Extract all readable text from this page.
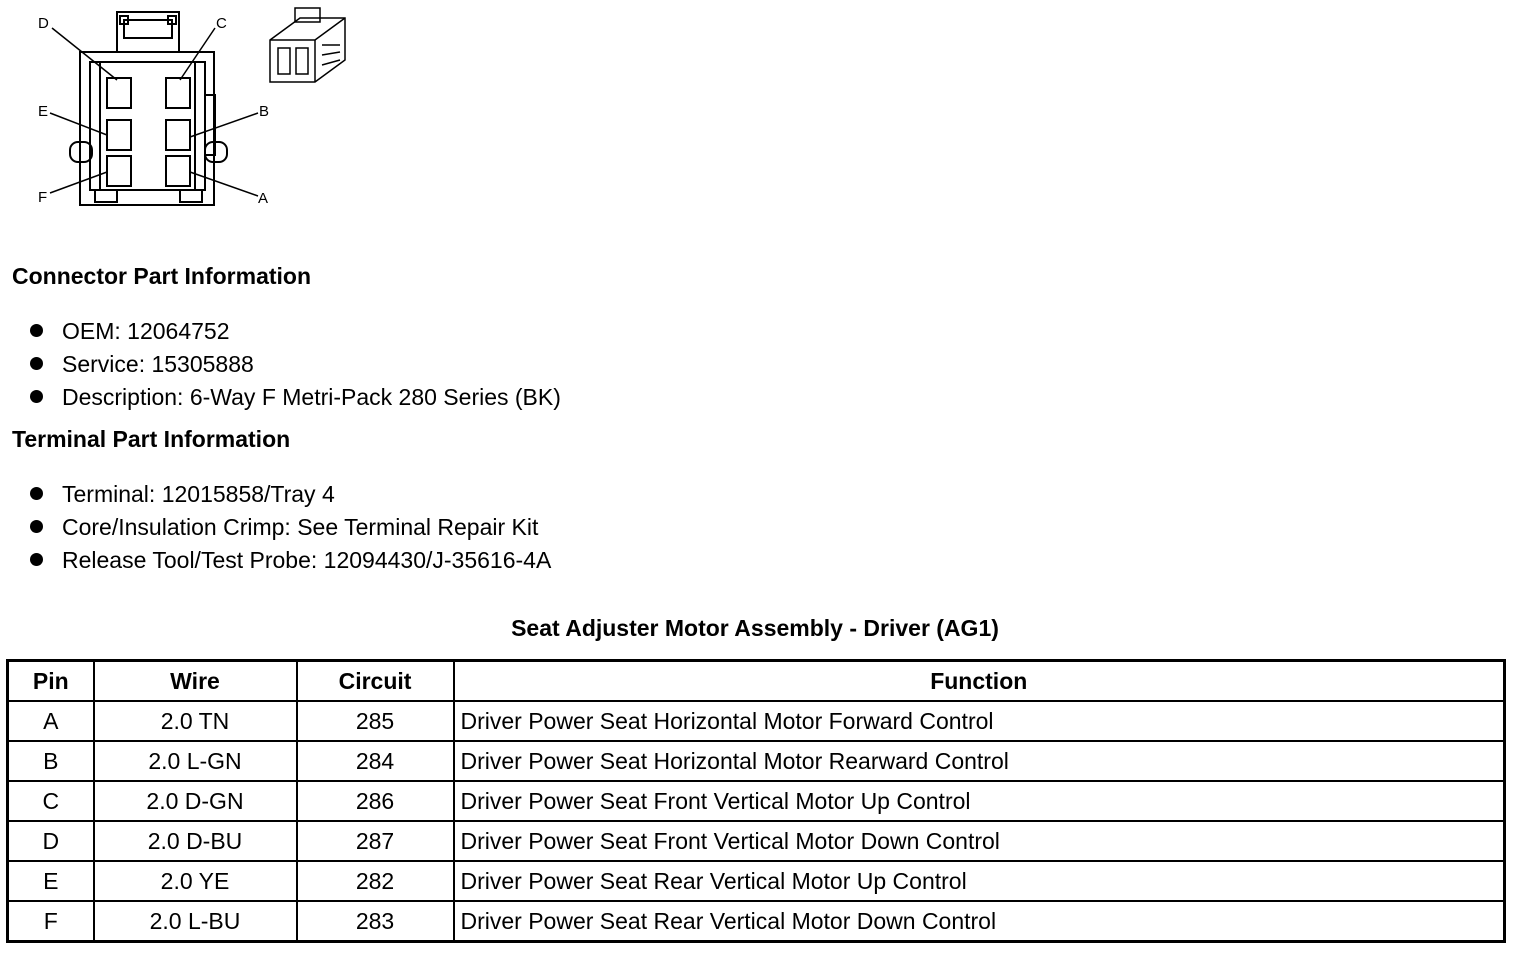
A
B
C
D
E
F
Connector Part Information
OEM: 12064752
Service: 15305888
Description: 6-Way F Metri-Pack 280 Series (BK)
Terminal Part Information
Terminal: 12015858/Tray 4
Core/Insulation Crimp: See Terminal Repair Kit
Release Tool/Test Probe: 12094430/J-35616-4A
Seat Adjuster Motor Assembly - Driver (AG1)
Pin	Wire	Circuit	Function
A	2.0 TN	285	Driver Power Seat Horizontal Motor Forward Control
B	2.0 L-GN	284	Driver Power Seat Horizontal Motor Rearward Control
C	2.0 D-GN	286	Driver Power Seat Front Vertical Motor Up Control
D	2.0 D-BU	287	Driver Power Seat Front Vertical Motor Down Control
E	2.0 YE	282	Driver Power Seat Rear Vertical Motor Up Control
F	2.0 L-BU	283	Driver Power Seat Rear Vertical Motor Down Control
